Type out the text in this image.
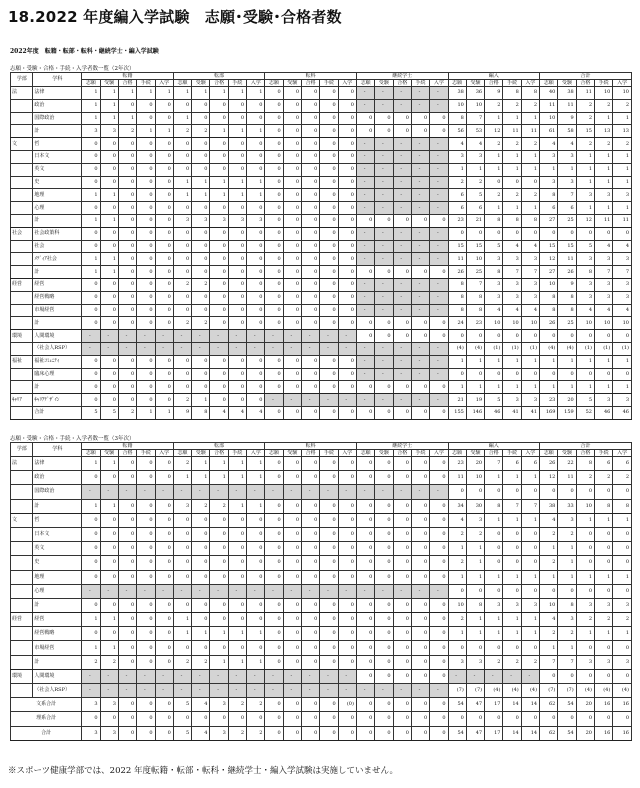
18.2022 年度編入学試験　志願･受験･合格者数
2022年度　転籍・転部・転科・継続学士・編入学試験
志願・受験・合格・手続・入学者数一覧（2年次）
学部	学科	転籍					転部					転科					継続学士					編入					合計				
		志願	受験	合格	手続	入学	志願	受験	合格	手続	入学	志願	受験	合格	手続	入学	志願	受験	合格	手続	入学	志願	受験	合格	手続	入学	志願	受験	合格	手続	入学
法	法律	1	1	1	1	1	1	1	1	1	1	0	0	0	0	0	-	-	-	-	-	38	36	9	8	8	40	38	11	10	10
	政治	1	1	0	0	0	0	0	0	0	0	0	0	0	0	0	-	-	-	-	-	10	10	2	2	2	11	11	2	2	2
	国際政治	1	1	1	0	0	1	0	0	0	0	0	0	0	0	0	0	0	0	0	0	8	7	1	1	1	10	9	2	1	1
	計	3	3	2	1	1	2	2	1	1	1	0	0	0	0	0	0	0	0	0	0	56	53	12	11	11	61	58	15	13	13
文	哲	0	0	0	0	0	0	0	0	0	0	0	0	0	0	0	-	-	-	-	-	4	4	2	2	2	4	4	2	2	2
	日本文	0	0	0	0	0	0	0	0	0	0	0	0	0	0	0	-	-	-	-	-	3	3	1	1	1	3	3	1	1	1
	英文	0	0	0	0	0	0	0	0	0	0	0	0	0	0	0	-	-	-	-	-	1	1	1	1	1	1	1	1	1	1
	史	0	0	0	0	0	1	1	1	1	1	0	0	0	0	0	-	-	-	-	-	2	2	0	0	0	3	3	1	1	1
	地理	1	1	0	0	0	1	1	1	1	1	0	0	0	0	0	-	-	-	-	-	6	5	2	2	2	8	7	3	3	3
	心理	0	0	0	0	0	0	0	0	0	0	0	0	0	0	0	-	-	-	-	-	6	6	1	1	1	6	6	1	1	1
	計	1	1	0	0	0	3	3	3	3	3	0	0	0	0	0	0	0	0	0	0	23	21	8	8	8	27	25	12	11	11
社会	社会政策科	0	0	0	0	0	0	0	0	0	0	0	0	0	0	0	-	-	-	-	-	0	0	0	0	0	0	0	0	0	0
	社会	0	0	0	0	0	0	0	0	0	0	0	0	0	0	0	-	-	-	-	-	15	15	5	4	4	15	15	5	4	4
	ﾒﾃﾞｨｱ社会	1	1	0	0	0	0	0	0	0	0	0	0	0	0	0	-	-	-	-	-	11	10	3	3	3	12	11	3	3	3
	計	1	1	0	0	0	0	0	0	0	0	0	0	0	0	0	0	0	0	0	0	26	25	8	7	7	27	26	8	7	7
経営	経営	0	0	0	0	0	2	2	0	0	0	0	0	0	0	0	-	-	-	-	-	8	7	3	3	3	10	9	3	3	3
	経営戦略	0	0	0	0	0	0	0	0	0	0	0	0	0	0	0	-	-	-	-	-	8	8	3	3	3	8	8	3	3	3
	市場経営	0	0	0	0	0	0	0	0	0	0	0	0	0	0	0	-	-	-	-	-	8	8	4	4	4	8	8	4	4	4
	計	0	0	0	0	0	2	2	0	0	0	0	0	0	0	0	0	0	0	0	0	24	23	10	10	10	26	25	10	10	10
環境	人間環境	-	-	-	-	-	-	-	-	-	-	-	-	-	-	-	0	0	0	0	0	0	0	0	0	0	0	0	0	0	0
	（社会人RSP）	-	-	-	-	-	-	-	-	-	-	-	-	-	-	-	-	-	-	-	-	(4)	(4)	(1)	(1)	(1)	(4)	(4)	(1)	(1)	(1)
福祉	福祉ｺﾐｭﾆﾃｨ	0	0	0	0	0	0	0	0	0	0	0	0	0	0	0	-	-	-	-	-	1	1	1	1	1	1	1	1	1	1
	臨床心理	0	0	0	0	0	0	0	0	0	0	0	0	0	0	0	-	-	-	-	-	0	0	0	0	0	0	0	0	0	0
	計	0	0	0	0	0	0	0	0	0	0	0	0	0	0	0	0	0	0	0	0	1	1	1	1	1	1	1	1	1	1
ｷｬﾘｱ	ｷｬﾘｱﾃﾞｻﾞｲﾝ	0	0	0	0	0	2	1	0	0	0	-	-	-	-	-	-	-	-	-	-	21	19	5	3	3	23	20	5	3	3
	合計	5	5	2	1	1	9	8	4	4	4	0	0	0	0	0	0	0	0	0	0	155	146	46	41	41	169	159	52	46	46
志願・受験・合格・手続・入学者数一覧（3年次）
学部	学科	転籍					転部					転科					継続学士					編入					合計				
		志願	受験	合格	手続	入学	志願	受験	合格	手続	入学	志願	受験	合格	手続	入学	志願	受験	合格	手続	入学	志願	受験	合格	手続	入学	志願	受験	合格	手続	入学
法	法律	1	1	0	0	0	2	1	1	1	1	0	0	0	0	0	0	0	0	0	0	23	20	7	6	6	26	22	8	6	6
	政治	0	0	0	0	0	1	1	1	1	1	0	0	0	0	0	0	0	0	0	0	11	10	1	1	1	12	11	2	2	2
	国際政治	-	-	-	-	-	-	-	-	-	-	-	-	-	-	-	-	-	-	-	-	0	0	0	0	0	0	0	0	0	0
	計	1	1	0	0	0	3	2	2	1	1	0	0	0	0	0	0	0	0	0	0	34	30	8	7	7	38	33	10	8	8
文	哲	0	0	0	0	0	0	0	0	0	0	0	0	0	0	0	0	0	0	0	0	4	3	1	1	1	4	3	1	1	1
	日本文	0	0	0	0	0	0	0	0	0	0	0	0	0	0	0	0	0	0	0	0	2	2	0	0	0	2	2	0	0	0
	英文	0	0	0	0	0	0	0	0	0	0	0	0	0	0	0	0	0	0	0	0	1	1	0	0	0	1	1	0	0	0
	史	0	0	0	0	0	0	0	0	0	0	0	0	0	0	0	0	0	0	0	0	2	1	0	0	0	2	1	0	0	0
	地理	0	0	0	0	0	0	0	0	0	0	0	0	0	0	0	0	0	0	0	0	1	1	1	1	1	1	1	1	1	1
	心理	-	-	-	-	-	-	-	-	-	-	-	-	-	-	-	-	-	-	-	-	0	0	0	0	0	0	0	0	0	0
	計	0	0	0	0	0	0	0	0	0	0	0	0	0	0	0	0	0	0	0	0	10	8	3	3	3	10	8	3	3	3
経営	経営	1	1	0	0	0	1	0	0	0	0	0	0	0	0	0	0	0	0	0	0	2	1	1	1	1	4	3	2	2	2
	経営戦略	0	0	0	0	0	1	1	1	1	1	0	0	0	0	0	0	0	0	0	0	1	1	1	1	1	2	2	1	1	1
	市場経営	1	1	0	0	0	0	0	0	0	0	0	0	0	0	0	0	0	0	0	0	0	0	0	0	0	1	1	0	0	0
	計	2	2	0	0	0	2	2	1	1	1	0	0	0	0	0	0	0	0	0	0	3	3	2	2	2	7	7	3	3	3
環境	人間環境	-	-	-	-	-	-	-	-	-	-	-	-	-	-	-	0	0	0	0	0	-	-	-	-	-	0	0	0	0	0
	（社会人RSP）	-	-	-	-	-	-	-	-	-	-	-	-	-	-	-	-	-	-	-	-	(7)	(7)	(4)	(4)	(4)	(7)	(7)	(4)	(4)	(4)
文系合計		3	3	0	0	0	5	4	3	2	2	0	0	0	0	(0)	0	0	0	0	0	54	47	17	14	14	62	54	20	16	16
理系合計		0	0	0	0	0	0	0	0	0	0	0	0	0	0	0	0	0	0	0	0	0	0	0	0	0	0	0	0	0	0
合計		3	3	0	0	0	5	4	3	2	2	0	0	0	0	0	0	0	0	0	0	54	47	17	14	14	62	54	20	16	16
※スポーツ健康学部では、2022 年度転籍・転部・転科・継続学士・編入学試験は実施していません。
